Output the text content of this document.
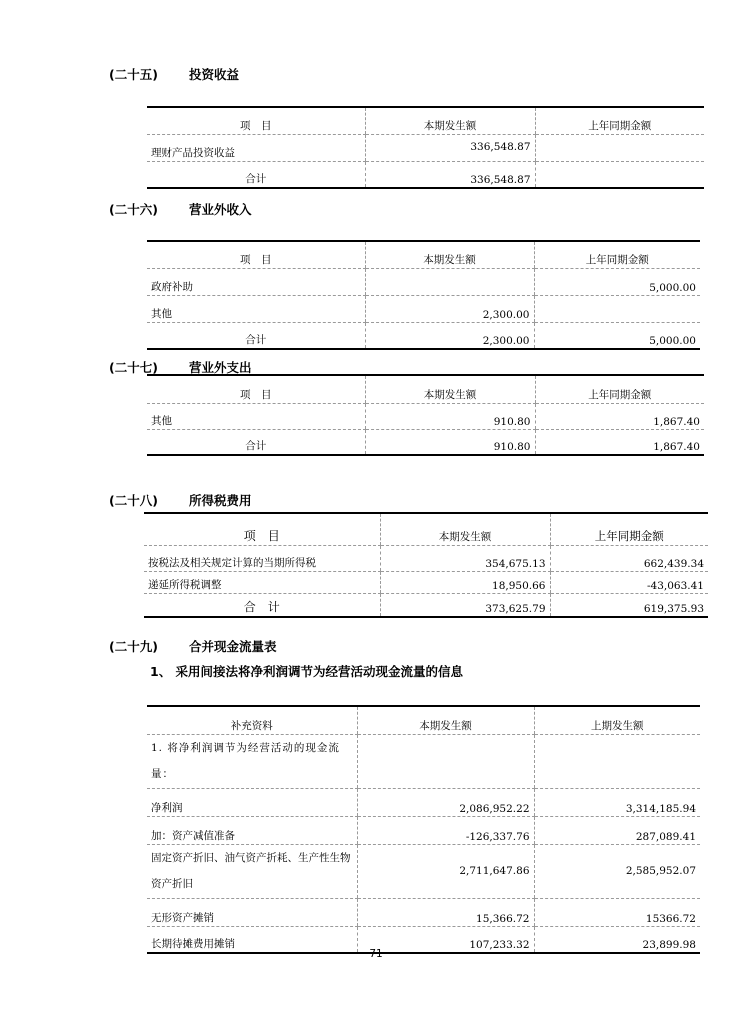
(二十五) 投资收益
项　目	本期发生额	上年同期金额
理财产品投资收益	336,548.87	
合计	336,548.87	
(二十六) 营业外收入
项　目	本期发生额	上年同期金额
政府补助		5,000.00
其他	2,300.00	
合计	2,300.00	5,000.00
(二十七) 营业外支出
项　目	本期发生额	上年同期金额
其他	910.80	1,867.40
合计	910.80	1,867.40
(二十八) 所得税费用
项　目	本期发生额	上年同期金额
按税法及相关规定计算的当期所得税	354,675.13	662,439.34
递延所得税调整	18,950.66	-43,063.41
合　计	373,625.79	619,375.93
(二十九) 合并现金流量表
1、 采用间接法将净利润调节为经营活动现金流量的信息
补充资料	本期发生额	上期发生额
1. 将净利润调节为经营活动的现金流量：		
净利润	2,086,952.22	3,314,185.94
加：资产减值准备	-126,337.76	287,089.41
固定资产折旧、油气资产折耗、生产性生物资产折旧	2,711,647.86	2,585,952.07
无形资产摊销	15,366.72	15366.72
长期待摊费用摊销	107,233.32	23,899.98
71
